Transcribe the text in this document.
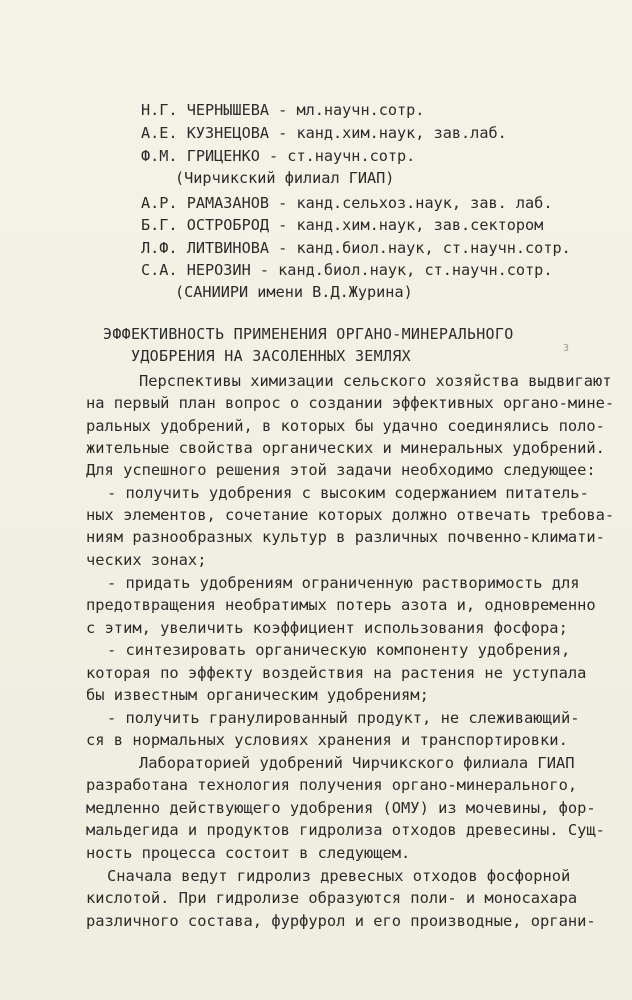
Н.Г. ЧЕРНЫШЕВА - мл.научн.сотр.
А.Е. КУЗНЕЦОВА - канд.хим.наук, зав.лаб.
Ф.М. ГРИЦЕНКО - ст.научн.сотр.
(Чирчикский филиал ГИАП)
А.Р. РАМАЗАНОВ - канд.сельхоз.наук, зав. лаб.
Б.Г. ОСТРОБРОД - канд.хим.наук, зав.сектором
Л.Ф. ЛИТВИНОВА - канд.биол.наук, ст.научн.сотр.
С.А. НЕРОЗИН - канд.биол.наук, ст.научн.сотр.
(САНИИРИ имени В.Д.Журина)
ЭФФЕКТИВНОСТЬ ПРИМЕНЕНИЯ ОРГАНО-МИНЕРАЛЬНОГО
УДОБРЕНИЯ НА ЗАСОЛЕННЫХ ЗЕМЛЯХ	3
Перспективы химизации сельского хозяйства выдвигают
на первый план вопрос о создании эффективных органо-мине-
ральных удобрений, в которых бы удачно соединялись поло-
жительные свойства органических и минеральных удобрений.
Для успешного решения этой задачи необходимо следующее:
- получить удобрения с высоким содержанием питатель-
ных элементов, сочетание которых должно отвечать требова-
ниям разнообразных культур в различных почвенно-климати-
ческих зонах;
- придать удобрениям ограниченную растворимость для
предотвращения необратимых потерь азота и, одновременно
с этим, увеличить коэффициент использования фосфора;
- синтезировать органическую компоненту удобрения,
которая по эффекту воздействия на растения не уступала
бы известным органическим удобрениям;
- получить гранулированный продукт, не слеживающий-
ся в нормальных условиях хранения и транспортировки.
Лабораторией удобрений Чирчикского филиала ГИАП
разработана технология получения органо-минерального,
медленно действующего удобрения (ОМУ) из мочевины, фор-
мальдегида и продуктов гидролиза отходов древесины. Сущ-
ность процесса состоит в следующем.
Сначала ведут гидролиз древесных отходов фосфорной
кислотой. При гидролизе образуются поли- и моносахара
различного состава, фурфурол и его производные, органи-
